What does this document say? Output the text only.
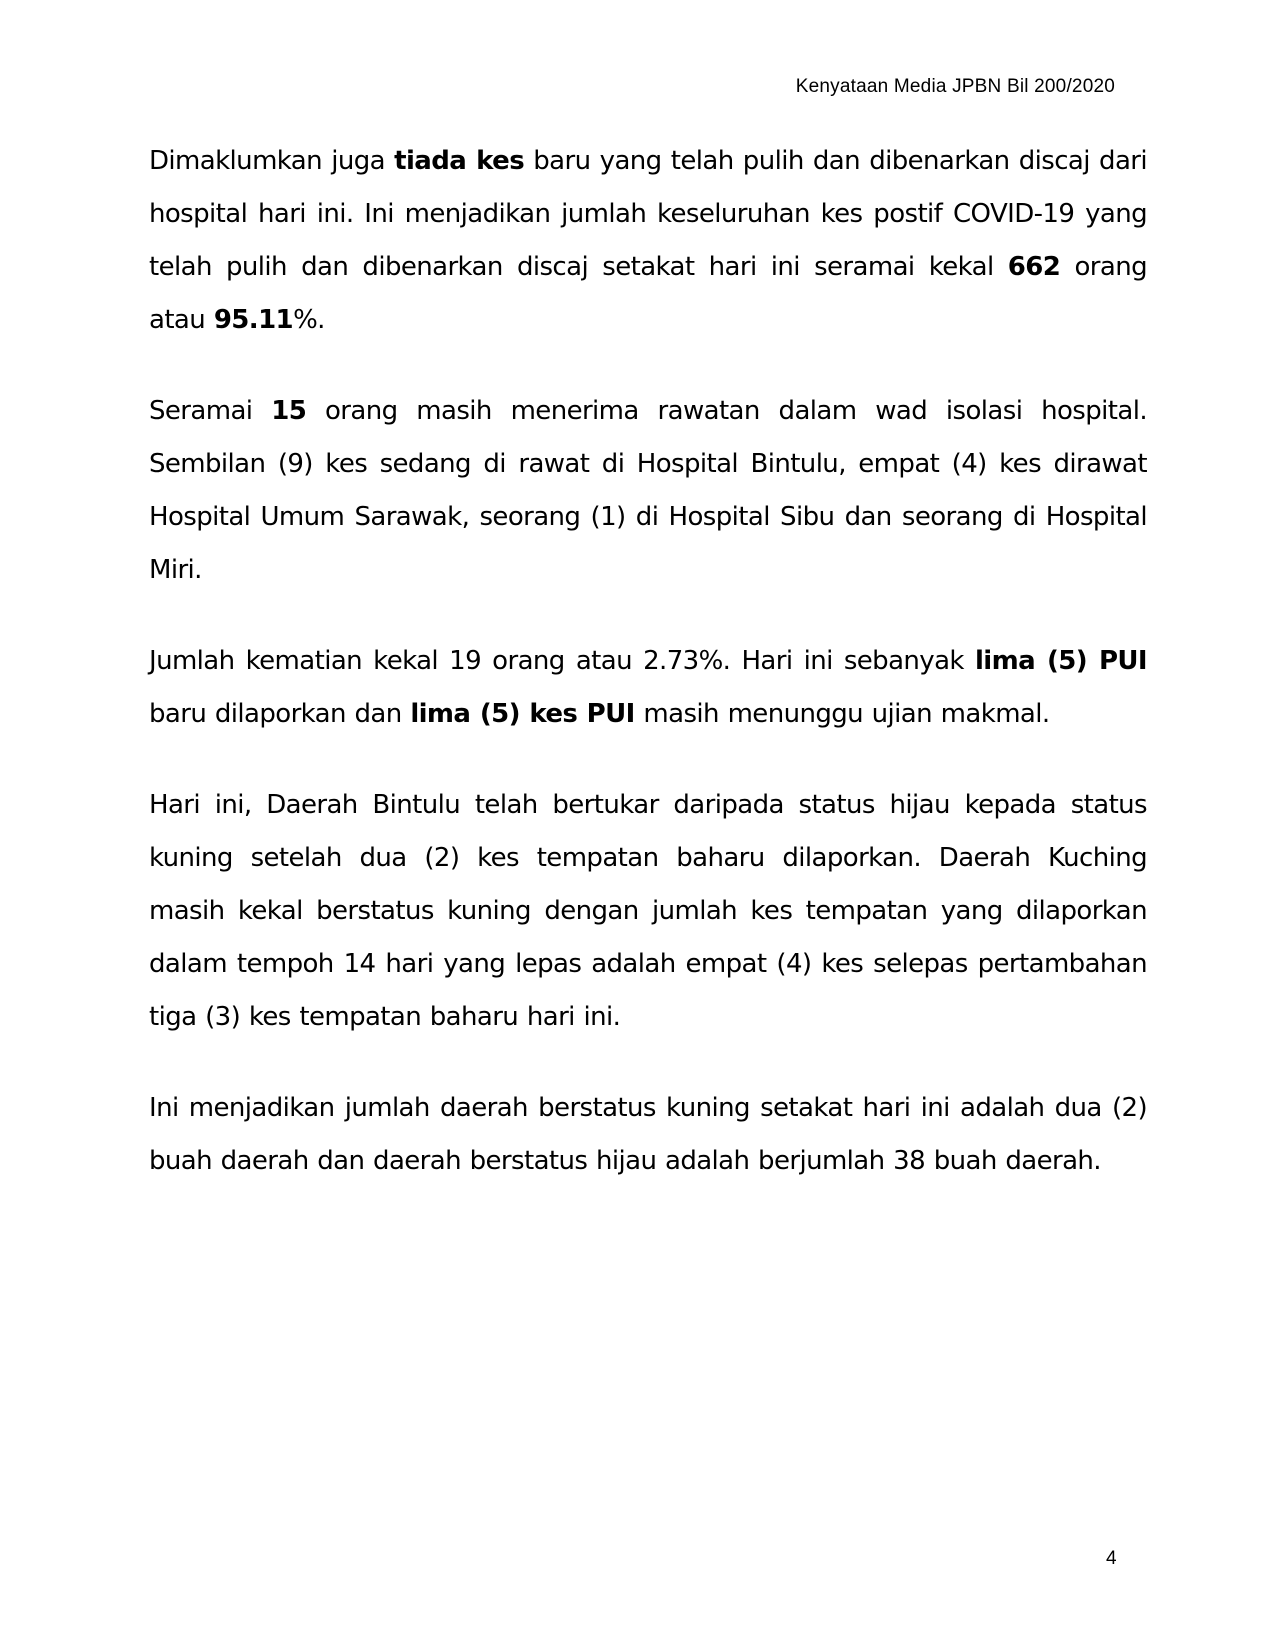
Kenyataan Media JPBN Bil 200/2020

Dimaklumkan juga tiada kes baru yang telah pulih dan dibenarkan discaj dari hospital hari ini. Ini menjadikan jumlah keseluruhan kes postif COVID-19 yang telah pulih dan dibenarkan discaj setakat hari ini seramai kekal 662 orang atau 95.11%.

Seramai 15 orang masih menerima rawatan dalam wad isolasi hospital. Sembilan (9) kes sedang di rawat di Hospital Bintulu, empat (4) kes dirawat Hospital Umum Sarawak, seorang (1) di Hospital Sibu dan seorang di Hospital Miri.

Jumlah kematian kekal 19 orang atau 2.73%. Hari ini sebanyak lima (5) PUI baru dilaporkan dan lima (5) kes PUI masih menunggu ujian makmal.

Hari ini, Daerah Bintulu telah bertukar daripada status hijau kepada status kuning setelah dua (2) kes tempatan baharu dilaporkan. Daerah Kuching masih kekal berstatus kuning dengan jumlah kes tempatan yang dilaporkan dalam tempoh 14 hari yang lepas adalah empat (4) kes selepas pertambahan tiga (3) kes tempatan baharu hari ini.

Ini menjadikan jumlah daerah berstatus kuning setakat hari ini adalah dua (2) buah daerah dan daerah berstatus hijau adalah berjumlah 38 buah daerah.

4
